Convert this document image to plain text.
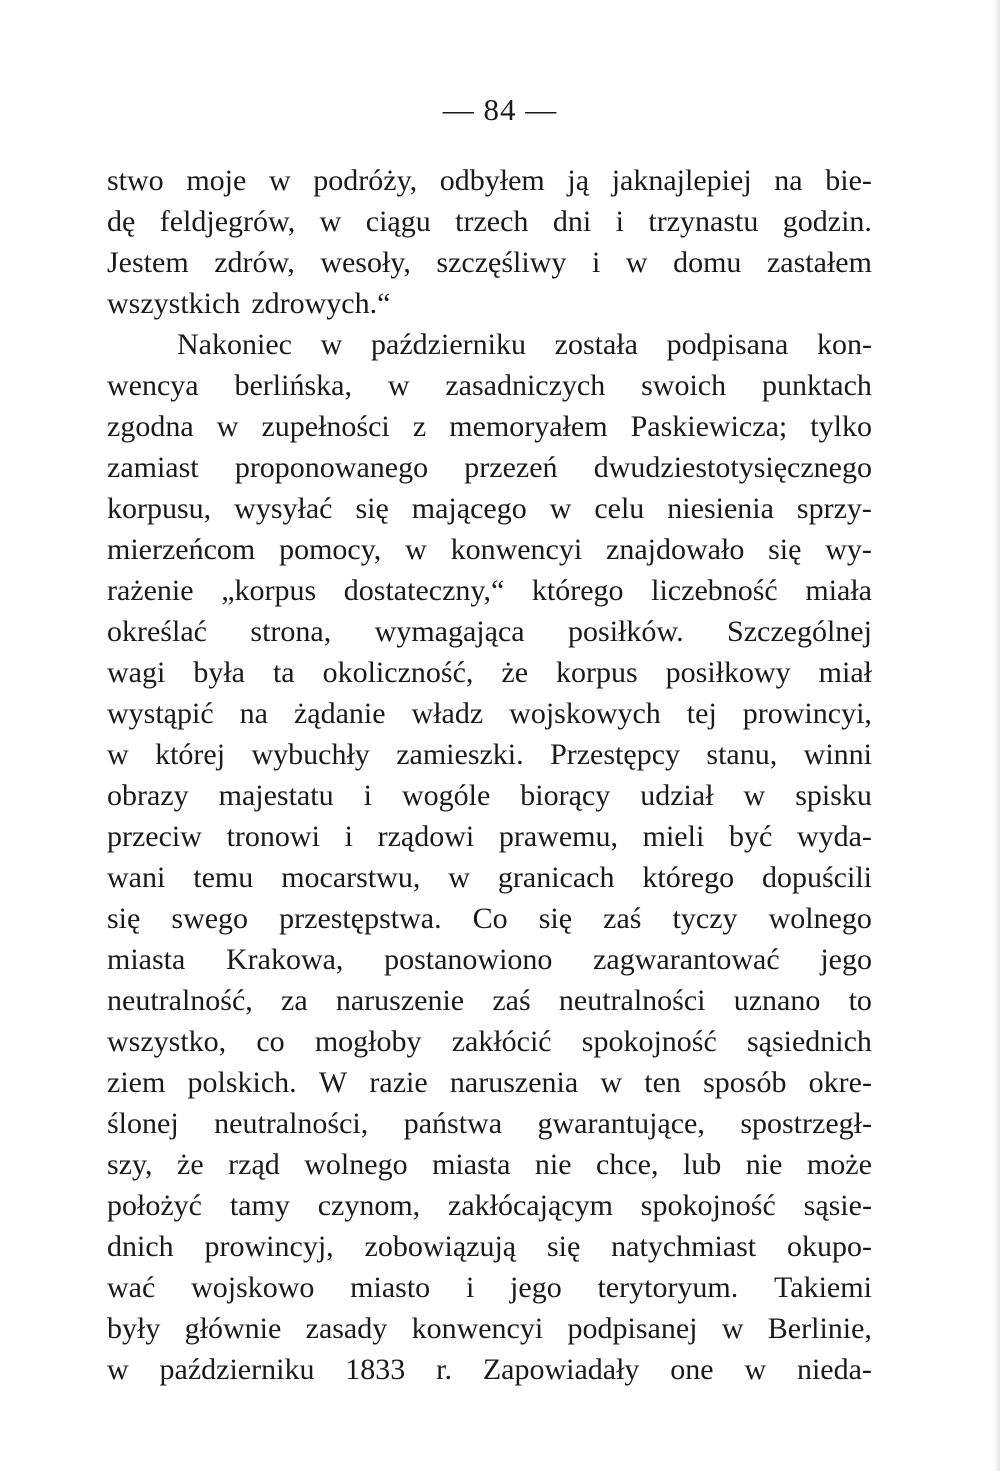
— 84 —
stwo moje w podróży, odbyłem ją jaknajlepiej na bie-
dę feldjegrów, w ciągu trzech dni i trzynastu godzin.
Jestem zdrów, wesoły, szczęśliwy i w domu zastałem
wszystkich zdrowych.“
Nakoniec w październiku została podpisana kon-
wencya berlińska, w zasadniczych swoich punktach
zgodna w zupełności z memoryałem Paskiewicza; tylko
zamiast proponowanego przezeń dwudziestotysięcznego
korpusu, wysyłać się mającego w celu niesienia sprzy-
mierzeńcom pomocy, w konwencyi znajdowało się wy-
rażenie „korpus dostateczny,“ którego liczebność miała
określać strona, wymagająca posiłków. Szczególnej
wagi była ta okoliczność, że korpus posiłkowy miał
wystąpić na żądanie władz wojskowych tej prowincyi,
w której wybuchły zamieszki. Przestępcy stanu, winni
obrazy majestatu i wogóle biorący udział w spisku
przeciw tronowi i rządowi prawemu, mieli być wyda-
wani temu mocarstwu, w granicach którego dopuścili
się swego przestępstwa. Co się zaś tyczy wolnego
miasta Krakowa, postanowiono zagwarantować jego
neutralność, za naruszenie zaś neutralności uznano to
wszystko, co mogłoby zakłócić spokojność sąsiednich
ziem polskich. W razie naruszenia w ten sposób okre-
ślonej neutralności, państwa gwarantujące, spostrzegł-
szy, że rząd wolnego miasta nie chce, lub nie może
położyć tamy czynom, zakłócającym spokojność sąsie-
dnich prowincyj, zobowiązują się natychmiast okupo-
wać wojskowo miasto i jego terytoryum. Takiemi
były głównie zasady konwencyi podpisanej w Berlinie,
w październiku 1833 r. Zapowiadały one w nieda-
